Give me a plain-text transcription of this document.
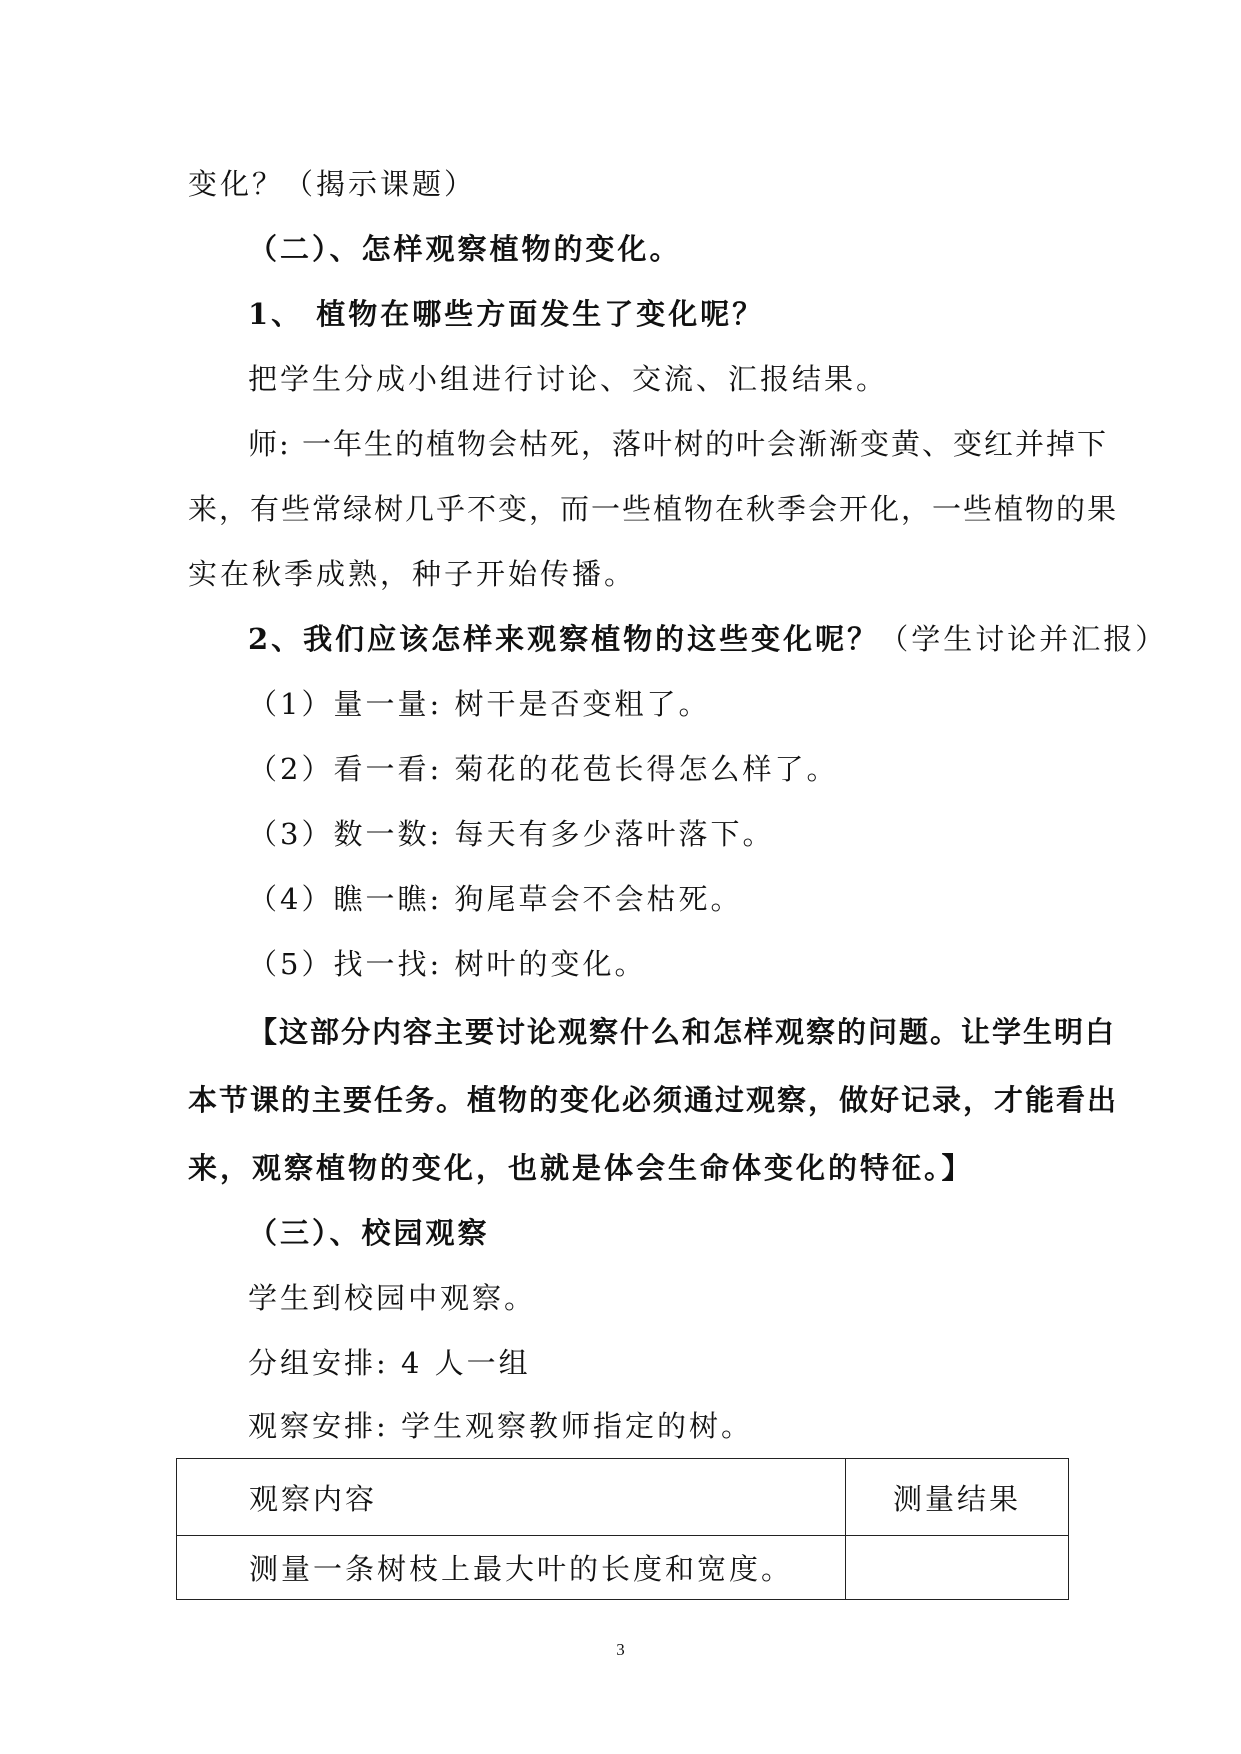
变化？（揭示课题）
（二）、怎样观察植物的变化。
1、 植物在哪些方面发生了变化呢？
把学生分成小组进行讨论、交流、汇报结果。
师: 一年生的植物会枯死，落叶树的叶会渐渐变黄、变红并掉下
来，有些常绿树几乎不变，而一些植物在秋季会开化，一些植物的果
实在秋季成熟，种子开始传播。
2、我们应该怎样来观察植物的这些变化呢？（学生讨论并汇报）
（1）量一量: 树干是否变粗了。
（2）看一看: 菊花的花苞长得怎么样了。
（3）数一数: 每天有多少落叶落下。
（4）瞧一瞧: 狗尾草会不会枯死。
（5）找一找: 树叶的变化。
【这部分内容主要讨论观察什么和怎样观察的问题。让学生明白
本节课的主要任务。植物的变化必须通过观察，做好记录，才能看出
来，观察植物的变化，也就是体会生命体变化的特征。】
（三）、校园观察
学生到校园中观察。
分组安排: 4 人一组
观察安排: 学生观察教师指定的树。
观察内容	测量结果
测量一条树枝上最大叶的长度和宽度。	
3
